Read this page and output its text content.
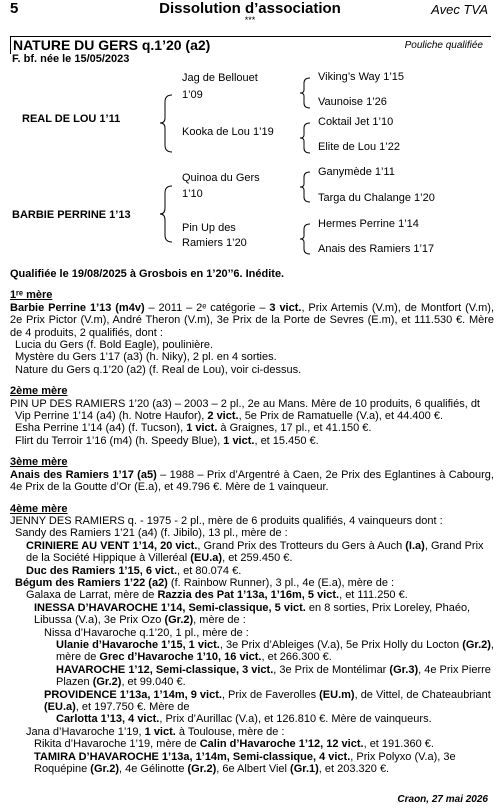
5	Dissolution d’association	Avec TVA
***
NATURE DU GERS q.1’20 (a2)	Pouliche qualifiée
F. bf. née le 15/05/2023
REAL DE LOU 1’11
BARBIE PERRINE 1’13
Jag de Bellouet
1’09
Kooka de Lou 1’19
Quinoa du Gers
1’10
Pin Up des
Ramiers 1’20
Viking’s Way 1’15
Vaunoise 1’26
Coktail Jet 1’10
Elite de Lou 1’22
Ganymède 1’11
Targa du Chalange 1’20
Hermes Perrine 1’14
Anais des Ramiers 1’17

Qualifiée le 19/08/2025 à Grosbois en 1’20’’6. Inédite.

1ʳᵉ mère

Barbie Perrine 1’13 (m4v) – 2011 – 2ᵉ catégorie – 3 vict., Prix Artemis (V.m), de Montfort (V.m), 2e Prix Pictor (V.m), André Theron (V.m), 3e Prix de la Porte de Sevres (E.m), et 111.530 €. Mère de 4 produits, 2 qualifiés, dont :

Lucia du Gers (f. Bold Eagle), poulinière.

Mystère du Gers 1’17 (a3) (h. Niky), 2 pl. en 4 sorties.

Nature du Gers q.1’20 (a2) (f. Real de Lou), voir ci-dessus.

2ème mère

PIN UP DES RAMIERS 1’20 (a3) – 2003 – 2 pl., 2e au Mans. Mère de 10 produits, 6 qualifiés, dt

Vip Perrine 1’14 (a4) (h. Notre Haufor), 2 vict., 5e Prix de Ramatuelle (V.a), et 44.400 €.

Esha Perrine 1’14 (a4) (f. Tucson), 1 vict. à Graignes, 17 pl., et 41.150 €.

Flirt du Terroir 1’16 (m4) (h. Speedy Blue), 1 vict., et 15.450 €.

3ème mère

Anais des Ramiers 1’17 (a5) – 1988 – Prix d’Argentré à Caen, 2e Prix des Eglantines à Cabourg, 4e Prix de la Goutte d’Or (E.a), et 49.796 €. Mère de 1 vainqueur.

4ème mère

JENNY DES RAMIERS q. - 1975 - 2 pl., mère de 6 produits qualifiés, 4 vainqueurs dont :

Sandy des Ramiers 1’21 (a4) (f. Jibilo), 13 pl., mère de :

CRINIERE AU VENT 1’14, 20 vict., Grand Prix des Trotteurs du Gers à Auch (I.a), Grand Prix de la Société Hippique à Villeréal (EU.a), et 259.450 €.

Duc des Ramiers 1’15, 6 vict., et 80.074 €.

Bégum des Ramiers 1’22 (a2) (f. Rainbow Runner), 3 pl., 4e (E.a), mère de :

Galaxa de Larrat, mère de Razzia des Pat 1’13a, 1’16m, 5 vict., et 111.250 €.

INESSA D’HAVAROCHE 1’14, Semi-classique, 5 vict. en 8 sorties, Prix Loreley, Phaéo, Libussa (V.a), 3e Prix Ozo (Gr.2), mère de :

Nissa d’Havaroche q.1’20, 1 pl., mère de :

Ulanie d’Havaroche 1’15, 1 vict., 3e Prix d’Ableiges (V.a), 5e Prix Holly du Locton (Gr.2), mère de Grec d’Havaroche 1’10, 16 vict., et 266.300 €.

HAVAROCHE 1’12, Semi-classique, 3 vict., 3e Prix de Montélimar (Gr.3), 4e Prix Pierre Plazen (Gr.2), et 99.040 €.

PROVIDENCE 1’13a, 1’14m, 9 vict., Prix de Faverolles (EU.m), de Vittel, de Chateaubriant (EU.a), et 197.750 €. Mère de

Carlotta 1’13, 4 vict., Prix d’Aurillac (V.a), et 126.810 €. Mère de vainqueurs.

Jana d’Havaroche 1’19, 1 vict. à Toulouse, mère de :

Rikita d’Havaroche 1’19, mère de Calin d’Havaroche 1’12, 12 vict., et 191.360 €.

TAMIRA D’HAVAROCHE 1’13a, 1’14m, Semi-classique, 4 vict., Prix Polyxo (V.a), 3e Roquépine (Gr.2), 4e Gélinotte (Gr.2), 6e Albert Viel (Gr.1), et 203.320 €.

Craon, 27 mai 2026
